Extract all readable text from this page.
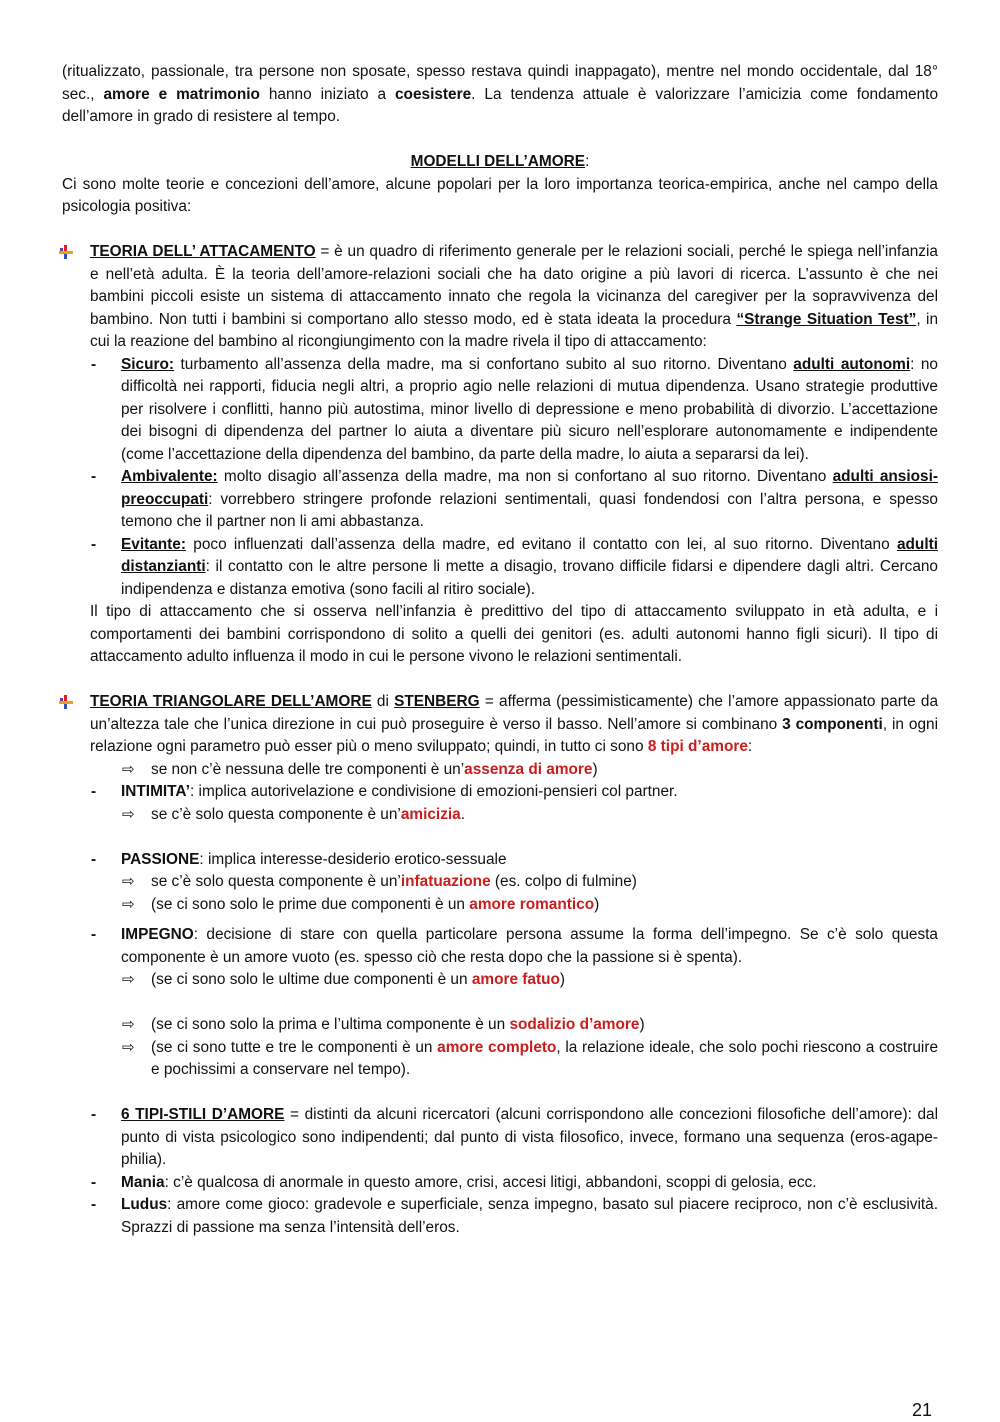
(ritualizzato, passionale, tra persone non sposate, spesso restava quindi inappagato), mentre nel mondo occidentale, dal 18° sec., amore e matrimonio hanno iniziato a coesistere. La tendenza attuale è valorizzare l’amicizia come fondamento dell’amore in grado di resistere al tempo.

MODELLI DELL’AMORE:

Ci sono molte teorie e concezioni dell’amore, alcune popolari per la loro importanza teorica-empirica, anche nel campo della psicologia positiva:

TEORIA DELL’ ATTACAMENTO = è un quadro di riferimento generale per le relazioni sociali, perché le spiega nell’infanzia e nell’età adulta. È la teoria dell’amore-relazioni sociali che ha dato origine a più lavori di ricerca. L’assunto è che nei bambini piccoli esiste un sistema di attaccamento innato che regola la vicinanza del caregiver per la sopravvivenza del bambino. Non tutti i bambini si comportano allo stesso modo, ed è stata ideata la procedura “Strange Situation Test”, in cui la reazione del bambino al ricongiungimento con la madre rivela il tipo di attaccamento:

- Sicuro: turbamento all’assenza della madre, ma si confortano subito al suo ritorno. Diventano adulti autonomi: no difficoltà nei rapporti, fiducia negli altri, a proprio agio nelle relazioni di mutua dipendenza. Usano strategie produttive per risolvere i conflitti, hanno più autostima, minor livello di depressione e meno probabilità di divorzio. L’accettazione dei bisogni di dipendenza del partner lo aiuta a diventare più sicuro nell’esplorare autonomamente e indipendente (come l’accettazione della dipendenza del bambino, da parte della madre, lo aiuta a separarsi da lei).

- Ambivalente: molto disagio all’assenza della madre, ma non si confortano al suo ritorno. Diventano adulti ansiosi-preoccupati: vorrebbero stringere profonde relazioni sentimentali, quasi fondendosi con l’altra persona, e spesso temono che il partner non li ami abbastanza.

- Evitante: poco influenzati dall’assenza della madre, ed evitano il contatto con lei, al suo ritorno. Diventano adulti distanzianti: il contatto con le altre persone li mette a disagio, trovano difficile fidarsi e dipendere dagli altri. Cercano indipendenza e distanza emotiva (sono facili al ritiro sociale).

Il tipo di attaccamento che si osserva nell’infanzia è predittivo del tipo di attaccamento sviluppato in età adulta, e i comportamenti dei bambini corrispondono di solito a quelli dei genitori (es. adulti autonomi hanno figli sicuri). Il tipo di attaccamento adulto influenza il modo in cui le persone vivono le relazioni sentimentali.

TEORIA TRIANGOLARE DELL’AMORE di STENBERG = afferma (pessimisticamente) che l’amore appassionato parte da un’altezza tale che l’unica direzione in cui può proseguire è verso il basso. Nell’amore si combinano 3 componenti, in ogni relazione ogni parametro può esser più o meno sviluppato; quindi, in tutto ci sono 8 tipi d’amore:

⇨ se non c’è nessuna delle tre componenti è un’assenza di amore)

- INTIMITA’: implica autorivelazione e condivisione di emozioni-pensieri col partner.

⇨ se c’è solo questa componente è un’amicizia.

- PASSIONE: implica interesse-desiderio erotico-sessuale

⇨ se c’è solo questa componente è un’infatuazione (es. colpo di fulmine)

⇨ (se ci sono solo le prime due componenti è un amore romantico)

- IMPEGNO: decisione di stare con quella particolare persona assume la forma dell’impegno. Se c’è solo questa componente è un amore vuoto (es. spesso ciò che resta dopo che la passione si è spenta).

⇨ (se ci sono solo le ultime due componenti è un amore fatuo)

⇨ (se ci sono solo la prima e l’ultima componente è un sodalizio d’amore)

⇨ (se ci sono tutte e tre le componenti è un amore completo, la relazione ideale, che solo pochi riescono a costruire e pochissimi a conservare nel tempo).

- 6 TIPI-STILI D’AMORE = distinti da alcuni ricercatori (alcuni corrispondono alle concezioni filosofiche dell’amore): dal punto di vista psicologico sono indipendenti; dal punto di vista filosofico, invece, formano una sequenza (eros-agape-philia).

- Mania: c’è qualcosa di anormale in questo amore, crisi, accesi litigi, abbandoni, scoppi di gelosia, ecc.

- Ludus: amore come gioco: gradevole e superficiale, senza impegno, basato sul piacere reciproco, non c’è esclusività. Sprazzi di passione ma senza l’intensità dell’eros.

21
